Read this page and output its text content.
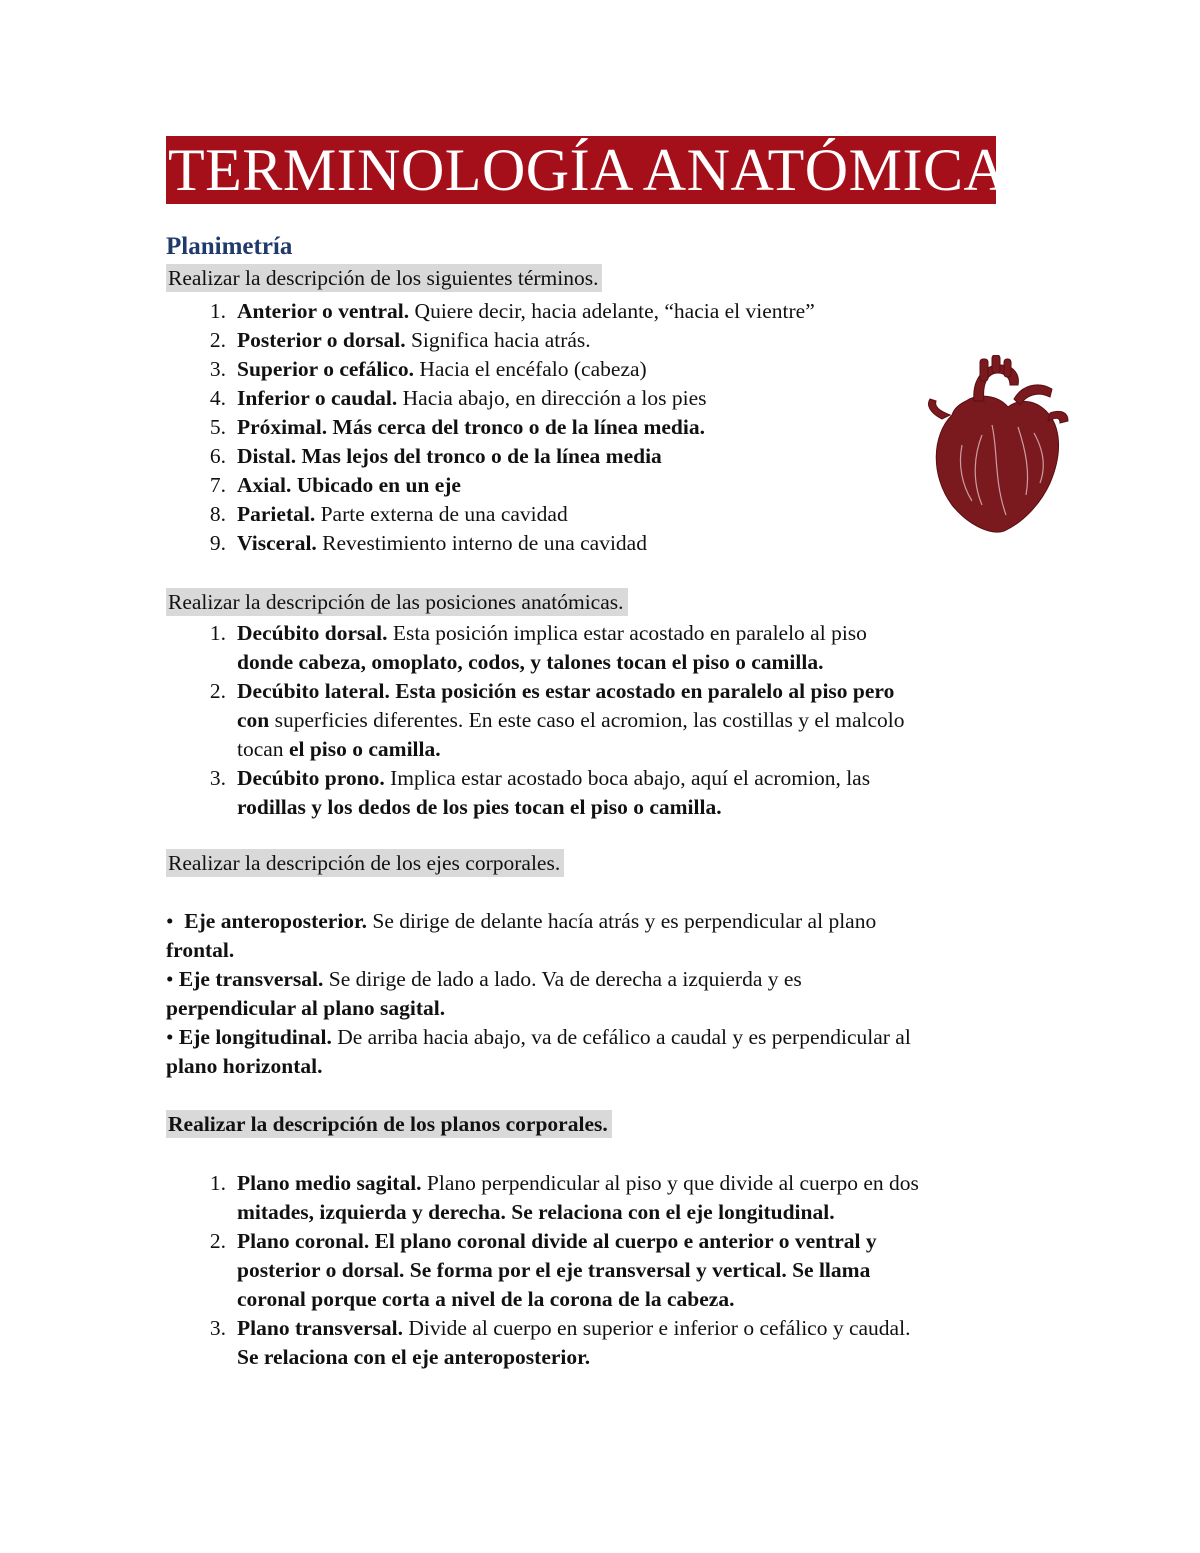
TERMINOLOGÍA ANATÓMICA
Planimetría
Realizar la descripción de los siguientes términos.
1. Anterior o ventral. Quiere decir, hacia adelante, “hacia el vientre”
2. Posterior o dorsal. Significa hacia atrás.
3. Superior o cefálico. Hacia el encéfalo (cabeza)
4. Inferior o caudal. Hacia abajo, en dirección a los pies
5. Próximal. Más cerca del tronco o de la línea media.
6. Distal. Mas lejos del tronco o de la línea media
7. Axial. Ubicado en un eje
8. Parietal. Parte externa de una cavidad
9. Visceral. Revestimiento interno de una cavidad
Realizar la descripción de las posiciones anatómicas.
1. Decúbito dorsal. Esta posición implica estar acostado en paralelo al piso
donde cabeza, omoplato, codos, y talones tocan el piso o camilla.
2. Decúbito lateral. Esta posición es estar acostado en paralelo al piso pero
con superficies diferentes. En este caso el acromion, las costillas y el malcolo
tocan el piso o camilla.
3. Decúbito prono. Implica estar acostado boca abajo, aquí el acromion, las
rodillas y los dedos de los pies tocan el piso o camilla.
Realizar la descripción de los ejes corporales.
• Eje anteroposterior. Se dirige de delante hacía atrás y es perpendicular al plano
frontal.
• Eje transversal. Se dirige de lado a lado. Va de derecha a izquierda y es
perpendicular al plano sagital.
• Eje longitudinal. De arriba hacia abajo, va de cefálico a caudal y es perpendicular al
plano horizontal.
Realizar la descripción de los planos corporales.
1. Plano medio sagital. Plano perpendicular al piso y que divide al cuerpo en dos
mitades, izquierda y derecha. Se relaciona con el eje longitudinal.
2. Plano coronal. El plano coronal divide al cuerpo e anterior o ventral y
posterior o dorsal. Se forma por el eje transversal y vertical. Se llama
coronal porque corta a nivel de la corona de la cabeza.
3. Plano transversal. Divide al cuerpo en superior e inferior o cefálico y caudal.
Se relaciona con el eje anteroposterior.
